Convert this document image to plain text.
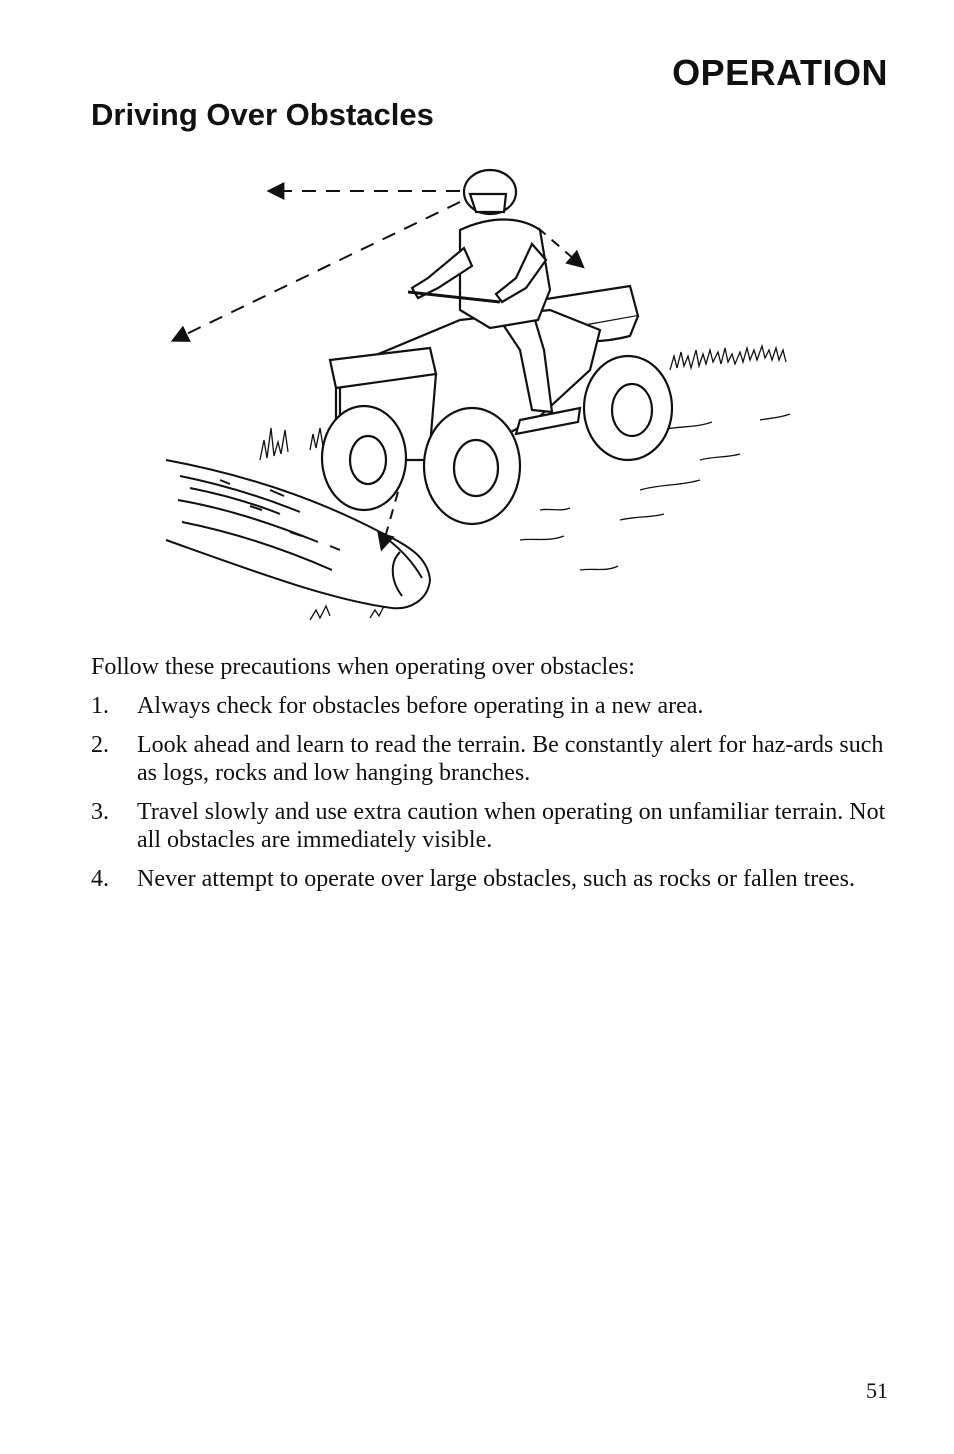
OPERATION
Driving Over Obstacles

Follow these precautions when operating over obstacles:

1. Always check for obstacles before operating in a new area.
2. Look ahead and learn to read the terrain. Be constantly alert for haz-ards such as logs, rocks and low hanging branches.
3. Travel slowly and use extra caution when operating on unfamiliar terrain. Not all obstacles are immediately visible.
4. Never attempt to operate over large obstacles, such as rocks or fallen trees.
51
